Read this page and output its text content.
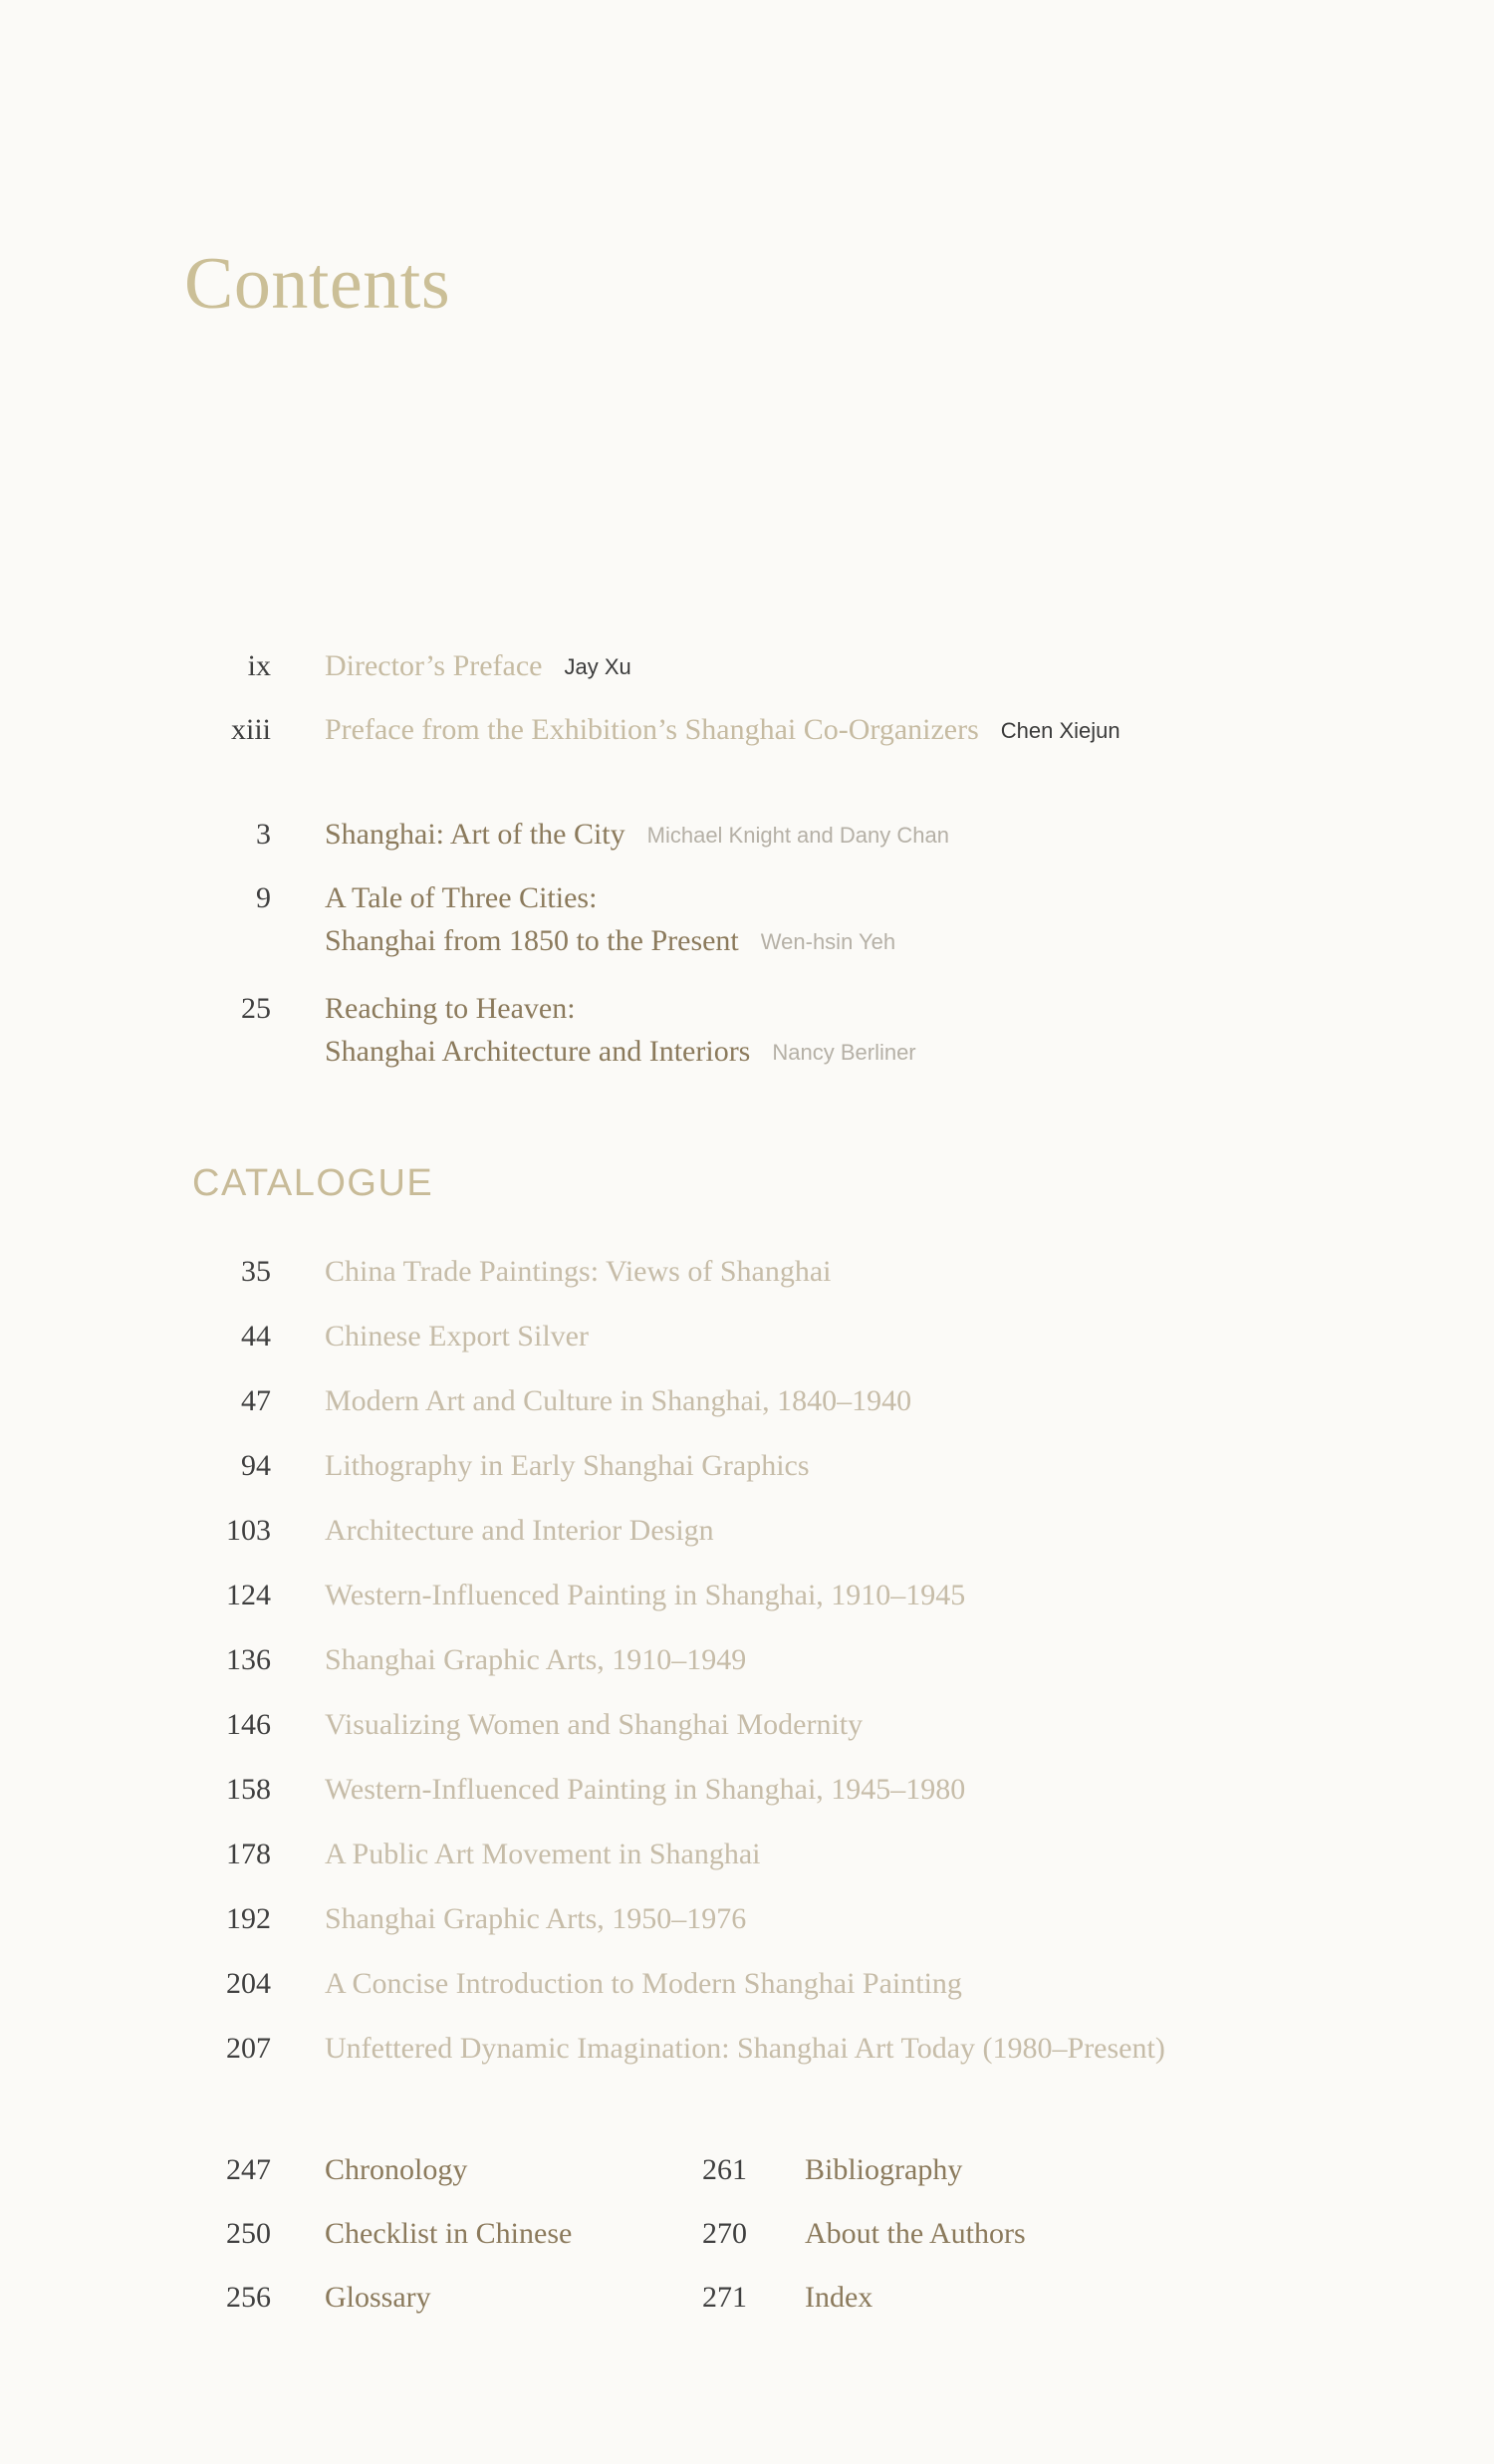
Contents
ix Director’s Preface Jay Xu
xiii Preface from the Exhibition’s Shanghai Co-Organizers Chen Xiejun
3 Shanghai: Art of the City Michael Knight and Dany Chan
9 A Tale of Three Cities:
Shanghai from 1850 to the Present Wen-hsin Yeh
25 Reaching to Heaven:
Shanghai Architecture and Interiors Nancy Berliner
CATALOGUE
35 China Trade Paintings: Views of Shanghai
44 Chinese Export Silver
47 Modern Art and Culture in Shanghai, 1840–1940
94 Lithography in Early Shanghai Graphics
103 Architecture and Interior Design
124 Western-Influenced Painting in Shanghai, 1910–1945
136 Shanghai Graphic Arts, 1910–1949
146 Visualizing Women and Shanghai Modernity
158 Western-Influenced Painting in Shanghai, 1945–1980
178 A Public Art Movement in Shanghai
192 Shanghai Graphic Arts, 1950–1976
204 A Concise Introduction to Modern Shanghai Painting
207 Unfettered Dynamic Imagination: Shanghai Art Today (1980–Present)
247 Chronology
250 Checklist in Chinese
256 Glossary
261 Bibliography
270 About the Authors
271 Index
